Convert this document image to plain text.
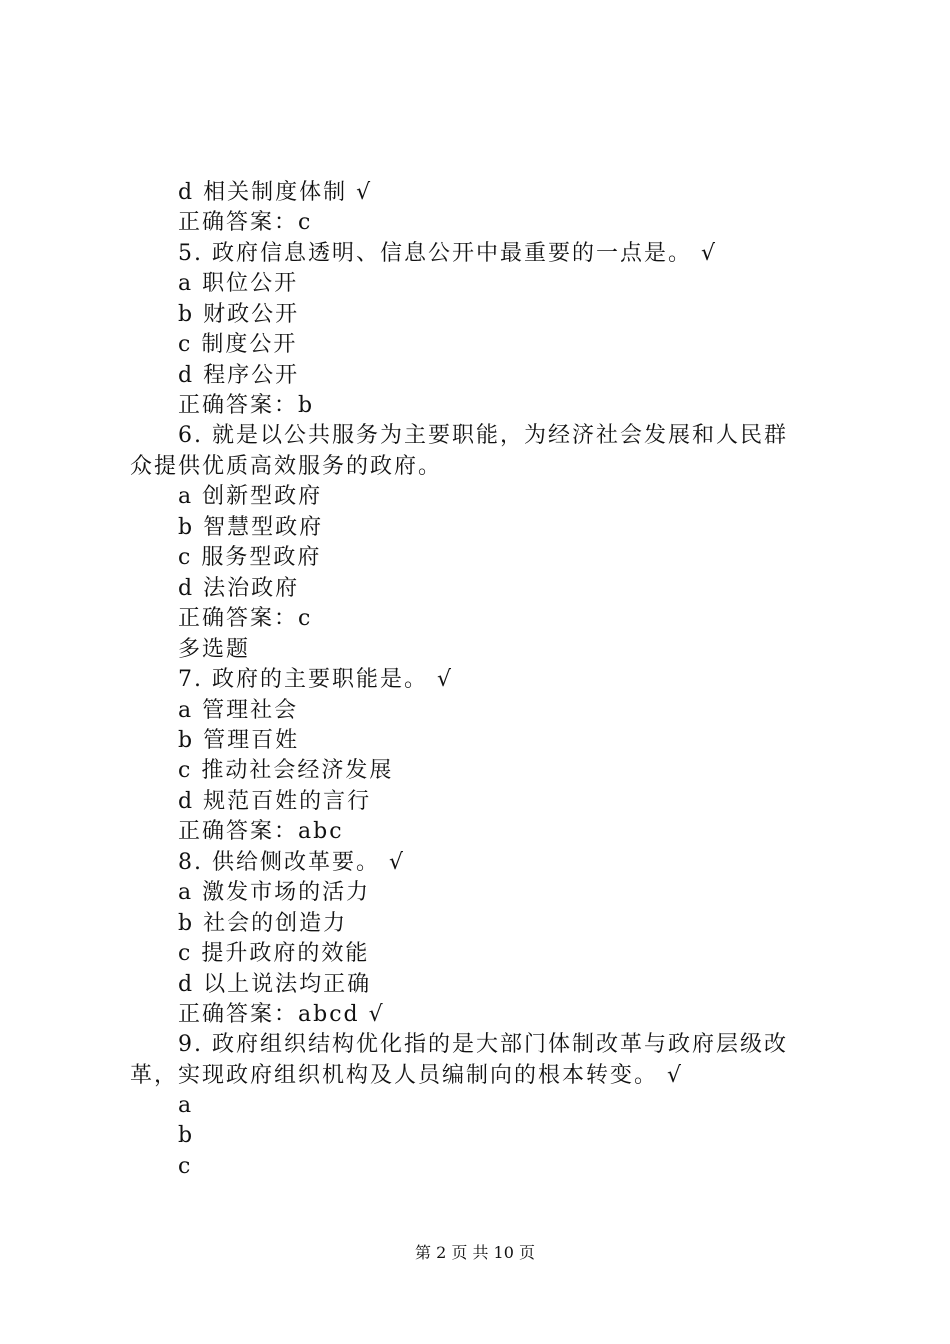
d 相关制度体制 √
正确答案：c
5. 政府信息透明、信息公开中最重要的一点是。 √
a 职位公开
b 财政公开
c 制度公开
d 程序公开
正确答案：b
6. 就是以公共服务为主要职能，为经济社会发展和人民群
众提供优质高效服务的政府。
a 创新型政府
b 智慧型政府
c 服务型政府
d 法治政府
正确答案：c
多选题
7. 政府的主要职能是。 √
a 管理社会
b 管理百姓
c 推动社会经济发展
d 规范百姓的言行
正确答案：abc
8. 供给侧改革要。 √
a 激发市场的活力
b 社会的创造力
c 提升政府的效能
d 以上说法均正确
正确答案：abcd √
9. 政府组织结构优化指的是大部门体制改革与政府层级改
革，实现政府组织机构及人员编制向的根本转变。 √
a
b
c
第 2 页 共 10 页
